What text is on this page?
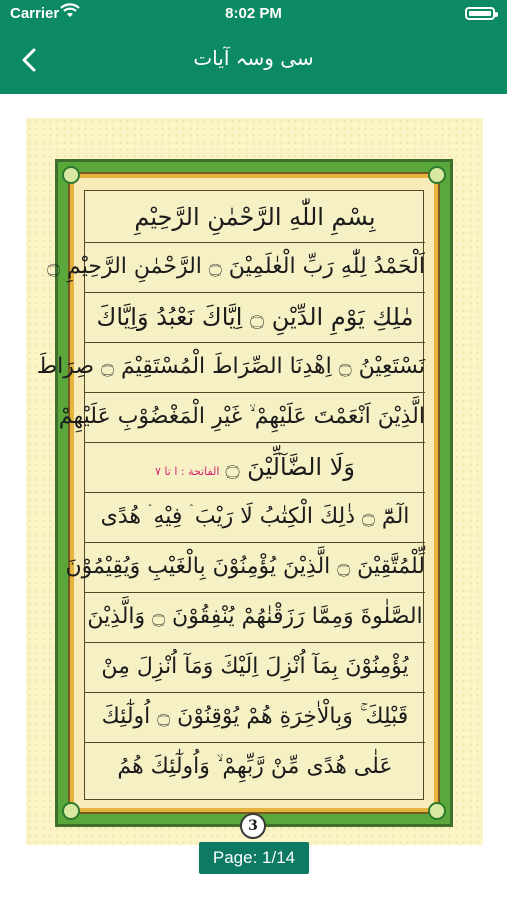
Carrier	8:02 PM
سی وسہ آیات
بِسْمِ اللّٰهِ الرَّحْمٰنِ الرَّحِيْمِ
اَلْحَمْدُ لِلّٰهِ رَبِّ الْعٰلَمِيْنَ ۝ الرَّحْمٰنِ الرَّحِيْمِ ۝
مٰلِكِ يَوْمِ الدِّيْنِ ۝ اِيَّاكَ نَعْبُدُ وَاِيَّاكَ
نَسْتَعِيْنُ ۝ اِهْدِنَا الصِّرَاطَ الْمُسْتَقِيْمَ ۝ صِرَاطَ
الَّذِيْنَ اَنْعَمْتَ عَلَيْهِمْ ۙ غَيْرِ الْمَغْضُوْبِ عَلَيْهِمْ
وَلَا الضَّآلِّيْنَ ۝الفاتحة : ا تا ٧
الٓمّٓ ۝ ذٰلِكَ الْكِتٰبُ لَا رَيْبَ ۛ فِيْهِ ۛ هُدًى
لِّلْمُتَّقِيْنَ ۝ الَّذِيْنَ يُؤْمِنُوْنَ بِالْغَيْبِ وَيُقِيْمُوْنَ
الصَّلٰوةَ وَمِمَّا رَزَقْنٰهُمْ يُنْفِقُوْنَ ۝ وَالَّذِيْنَ
يُؤْمِنُوْنَ بِمَآ اُنْزِلَ اِلَيْكَ وَمَآ اُنْزِلَ مِنْ
قَبْلِكَ ۚ وَبِالْاٰخِرَةِ هُمْ يُوْقِنُوْنَ ۝ اُولٰٓئِكَ
عَلٰى هُدًى مِّنْ رَّبِّهِمْ ۙ وَاُولٰٓئِكَ هُمُ
3
Page: 1/14
